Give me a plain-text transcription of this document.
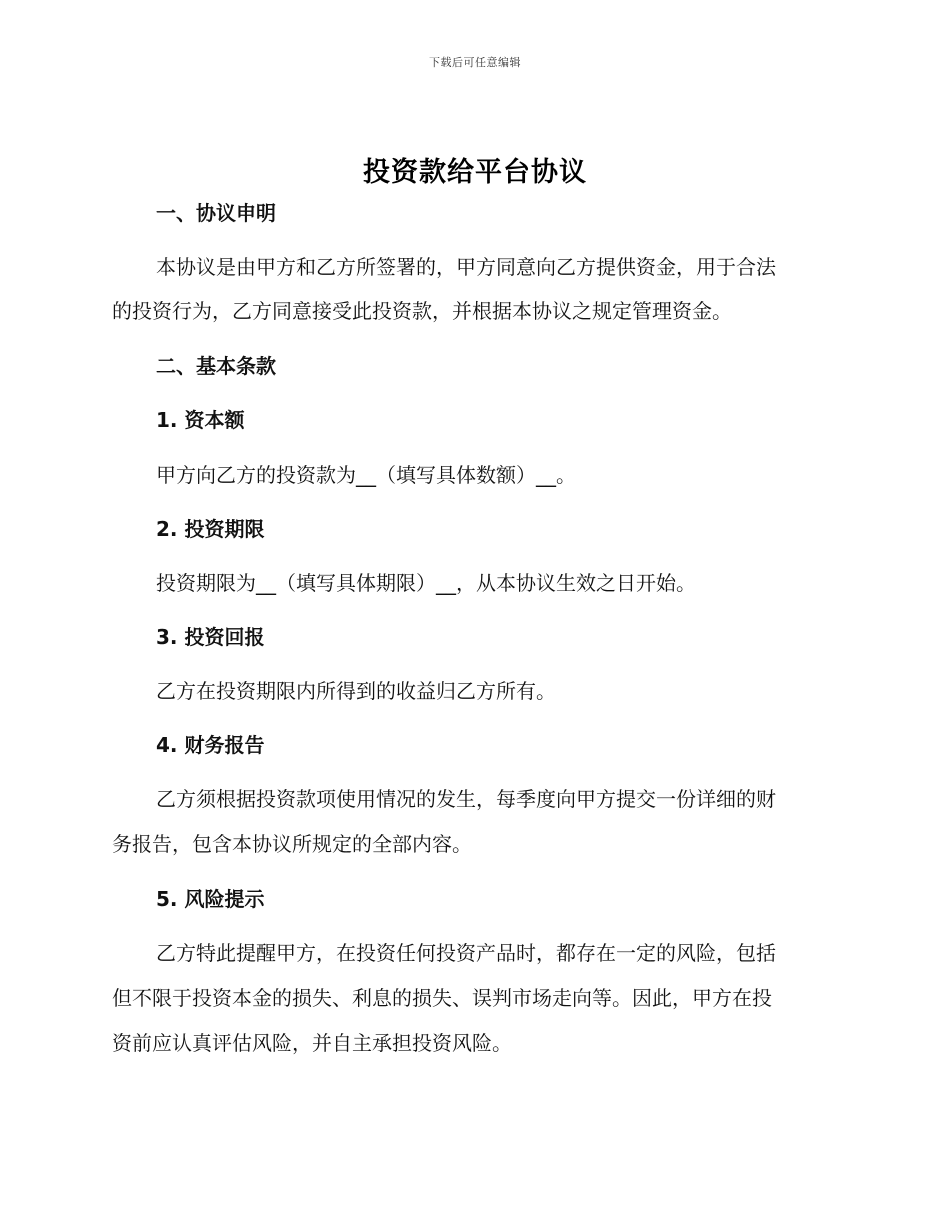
下载后可任意编辑
投资款给平台协议
一、协议申明
本协议是由甲方和乙方所签署的，甲方同意向乙方提供资金，用于合法
的投资行为，乙方同意接受此投资款，并根据本协议之规定管理资金。
二、基本条款
1. 资本额
甲方向乙方的投资款为__（填写具体数额）__。
2. 投资期限
投资期限为__（填写具体期限）__，从本协议生效之日开始。
3. 投资回报
乙方在投资期限内所得到的收益归乙方所有。
4. 财务报告
乙方须根据投资款项使用情况的发生，每季度向甲方提交一份详细的财
务报告，包含本协议所规定的全部内容。
5. 风险提示
乙方特此提醒甲方，在投资任何投资产品时，都存在一定的风险，包括
但不限于投资本金的损失、利息的损失、误判市场走向等。因此，甲方在投
资前应认真评估风险，并自主承担投资风险。
